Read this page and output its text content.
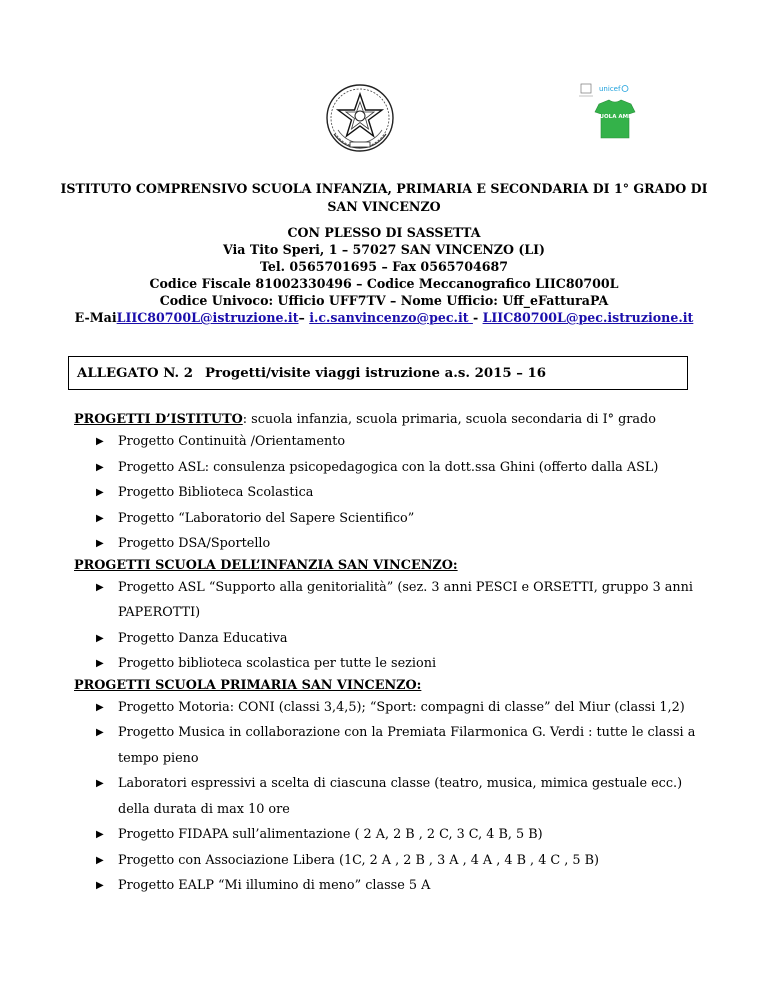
unicef
SCUOLA AMICA
ISTITUTO COMPRENSIVO SCUOLA INFANZIA, PRIMARIA E SECONDARIA DI 1° GRADO DI
SAN VINCENZO
CON PLESSO DI SASSETTA
Via Tito Speri, 1 – 57027 SAN VINCENZO (LI)
Tel. 0565701695 – Fax 0565704687
Codice Fiscale 81002330496 – Codice Meccanografico LIIC80700L
Codice Univoco: Ufficio UFF7TV – Nome Ufficio: Uff_eFatturaPA
E-MaiLIIC80700L@istruzione.it– i.c.sanvincenzo@pec.it - LIIC80700L@pec.istruzione.it
ALLEGATO N. 2 Progetti/visite viaggi istruzione a.s. 2015 – 16
PROGETTI D’ISTITUTO: scuola infanzia, scuola primaria, scuola secondaria di I° grado
▶ Progetto Continuità /Orientamento
▶ Progetto ASL: consulenza psicopedagogica con la dott.ssa Ghini (offerto dalla ASL)
▶ Progetto Biblioteca Scolastica
▶ Progetto “Laboratorio del Sapere Scientifico”
▶ Progetto DSA/Sportello
PROGETTI SCUOLA DELL’INFANZIA SAN VINCENZO:
▶ Progetto ASL “Supporto alla genitorialità” (sez. 3 anni PESCI e ORSETTI, gruppo 3 anni PAPEROTTI)
▶ Progetto Danza Educativa
▶ Progetto biblioteca scolastica per tutte le sezioni
PROGETTI SCUOLA PRIMARIA SAN VINCENZO:
▶ Progetto Motoria: CONI (classi 3,4,5); “Sport: compagni di classe” del Miur (classi 1,2)
▶ Progetto Musica in collaborazione con la Premiata Filarmonica G. Verdi : tutte le classi a tempo pieno
▶ Laboratori espressivi a scelta di ciascuna classe (teatro, musica, mimica gestuale ecc.) della durata di max 10 ore
▶ Progetto FIDAPA sull’alimentazione ( 2 A, 2 B , 2 C, 3 C, 4 B, 5 B)
▶ Progetto con Associazione Libera (1C, 2 A , 2 B , 3 A , 4 A , 4 B , 4 C , 5 B)
▶ Progetto EALP “Mi illumino di meno” classe 5 A
